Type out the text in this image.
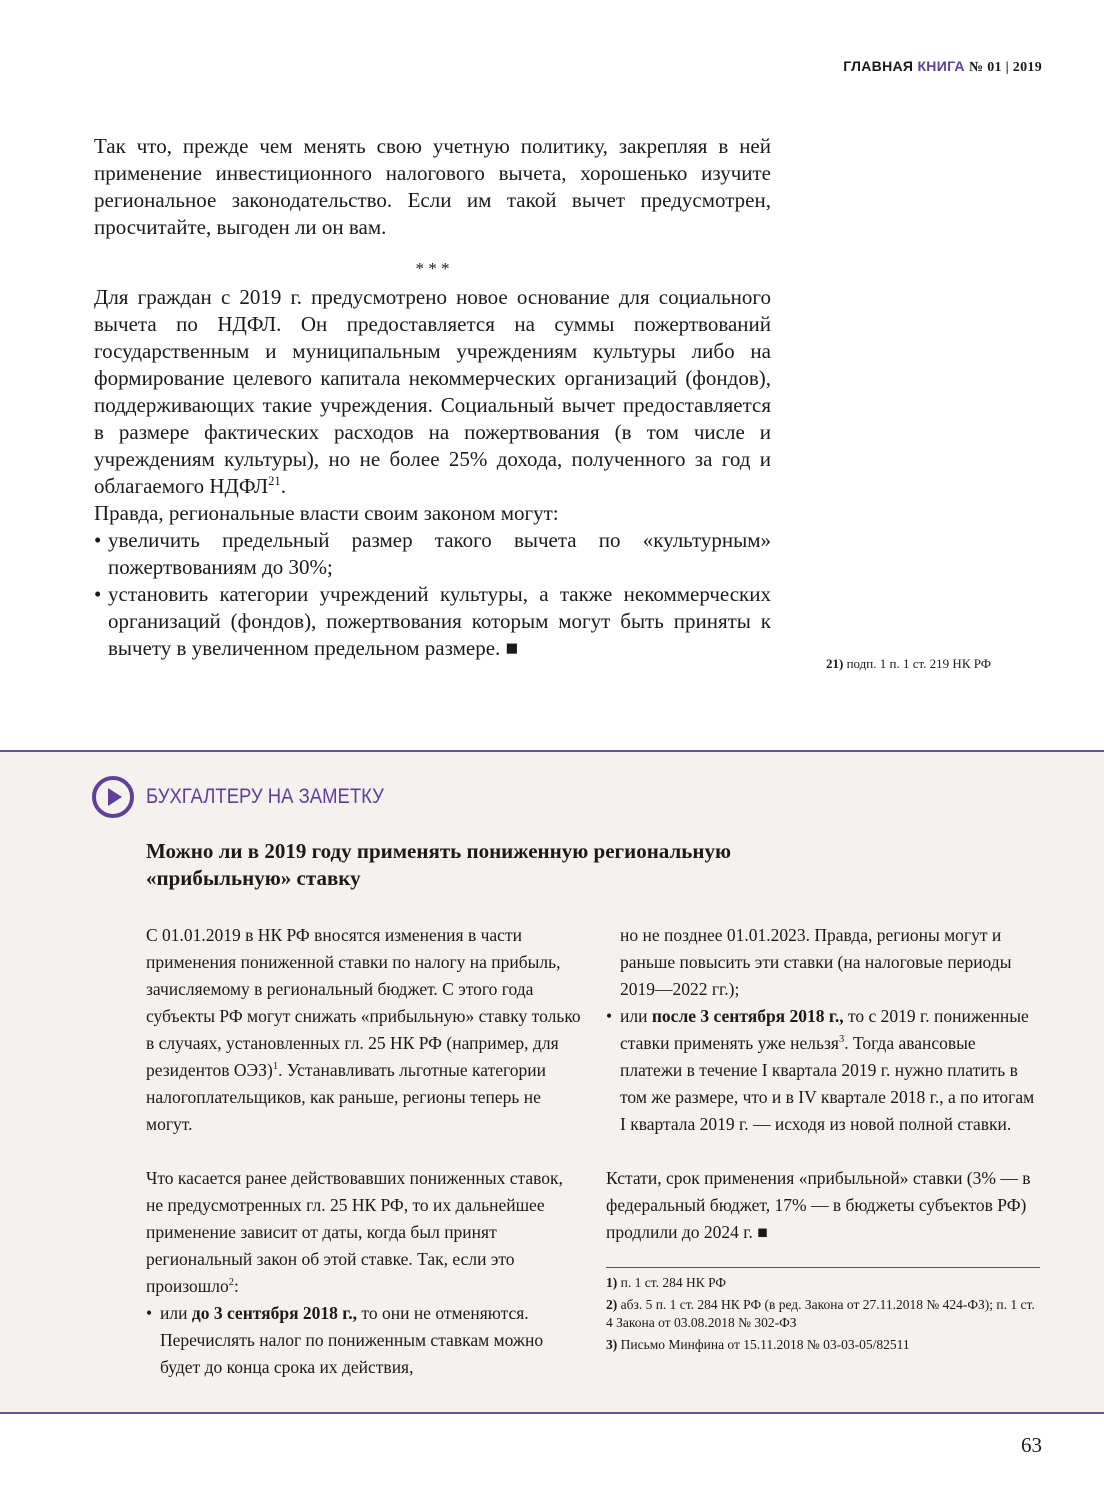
ГЛАВНАЯ КНИГА № 01 | 2019

Так что, прежде чем менять свою учетную политику, закрепляя в ней применение инвестиционного налогового вычета, хорошенько изучите региональное законодательство. Если им такой вычет предусмотрен, просчитайте, выгоден ли он вам.

* * *

Для граждан с 2019 г. предусмотрено новое основание для социального вычета по НДФЛ. Он предоставляется на суммы пожертвований государственным и муниципальным учреждениям культуры либо на формирование целевого капитала некоммерческих организаций (фондов), поддерживающих такие учреждения. Социальный вычет предоставляется в размере фактических расходов на пожертвования (в том числе и учреждениям культуры), но не более 25% дохода, полученного за год и облагаемого НДФЛ$^{21}$.

Правда, региональные власти своим законом могут:

• увеличить предельный размер такого вычета по «культурным» пожертвованиям до 30%;
• установить категории учреждений культуры, а также некоммерческих организаций (фондов), пожертвования которым могут быть приняты к вычету в увеличенном предельном размере. ■
21) подп. 1 п. 1 ст. 219 НК РФ
БУХГАЛТЕРУ НА ЗАМЕТКУ
Можно ли в 2019 году применять пониженную региональную «прибыльную» ставку

С 01.01.2019 в НК РФ вносятся изменения в части применения пониженной ставки по налогу на прибыль, зачисляемому в региональный бюджет. С этого года субъекты РФ могут снижать «прибыльную» ставку только в случаях, установленных гл. 25 НК РФ (например, для резидентов ОЭЗ)$^1$. Устанавливать льготные категории налогоплательщиков, как раньше, регионы теперь не могут.

Что касается ранее действовавших пониженных ставок, не предусмотренных гл. 25 НК РФ, то их дальнейшее применение зависит от даты, когда был принят региональный закон об этой ставке. Так, если это произошло$^2$:

• или до 3 сентября 2018 г., то они не отменяются. Перечислять налог по пониженным ставкам можно будет до конца срока их действия,

но не позднее 01.01.2023. Правда, регионы могут и раньше повысить эти ставки (на налоговые периоды 2019—2022 гг.);

• или после 3 сентября 2018 г., то с 2019 г. пониженные ставки применять уже нельзя$^3$. Тогда авансовые платежи в течение I квартала 2019 г. нужно платить в том же размере, что и в IV квартале 2018 г., а по итогам I квартала 2019 г. — исходя из новой полной ставки.

Кстати, срок применения «прибыльной» ставки (3% — в федеральный бюджет, 17% — в бюджеты субъектов РФ) продлили до 2024 г. ■

1) п. 1 ст. 284 НК РФ
2) абз. 5 п. 1 ст. 284 НК РФ (в ред. Закона от 27.11.2018 № 424-ФЗ); п. 1 ст. 4 Закона от 03.08.2018 № 302-ФЗ
3) Письмо Минфина от 15.11.2018 № 03-03-05/82511
63
